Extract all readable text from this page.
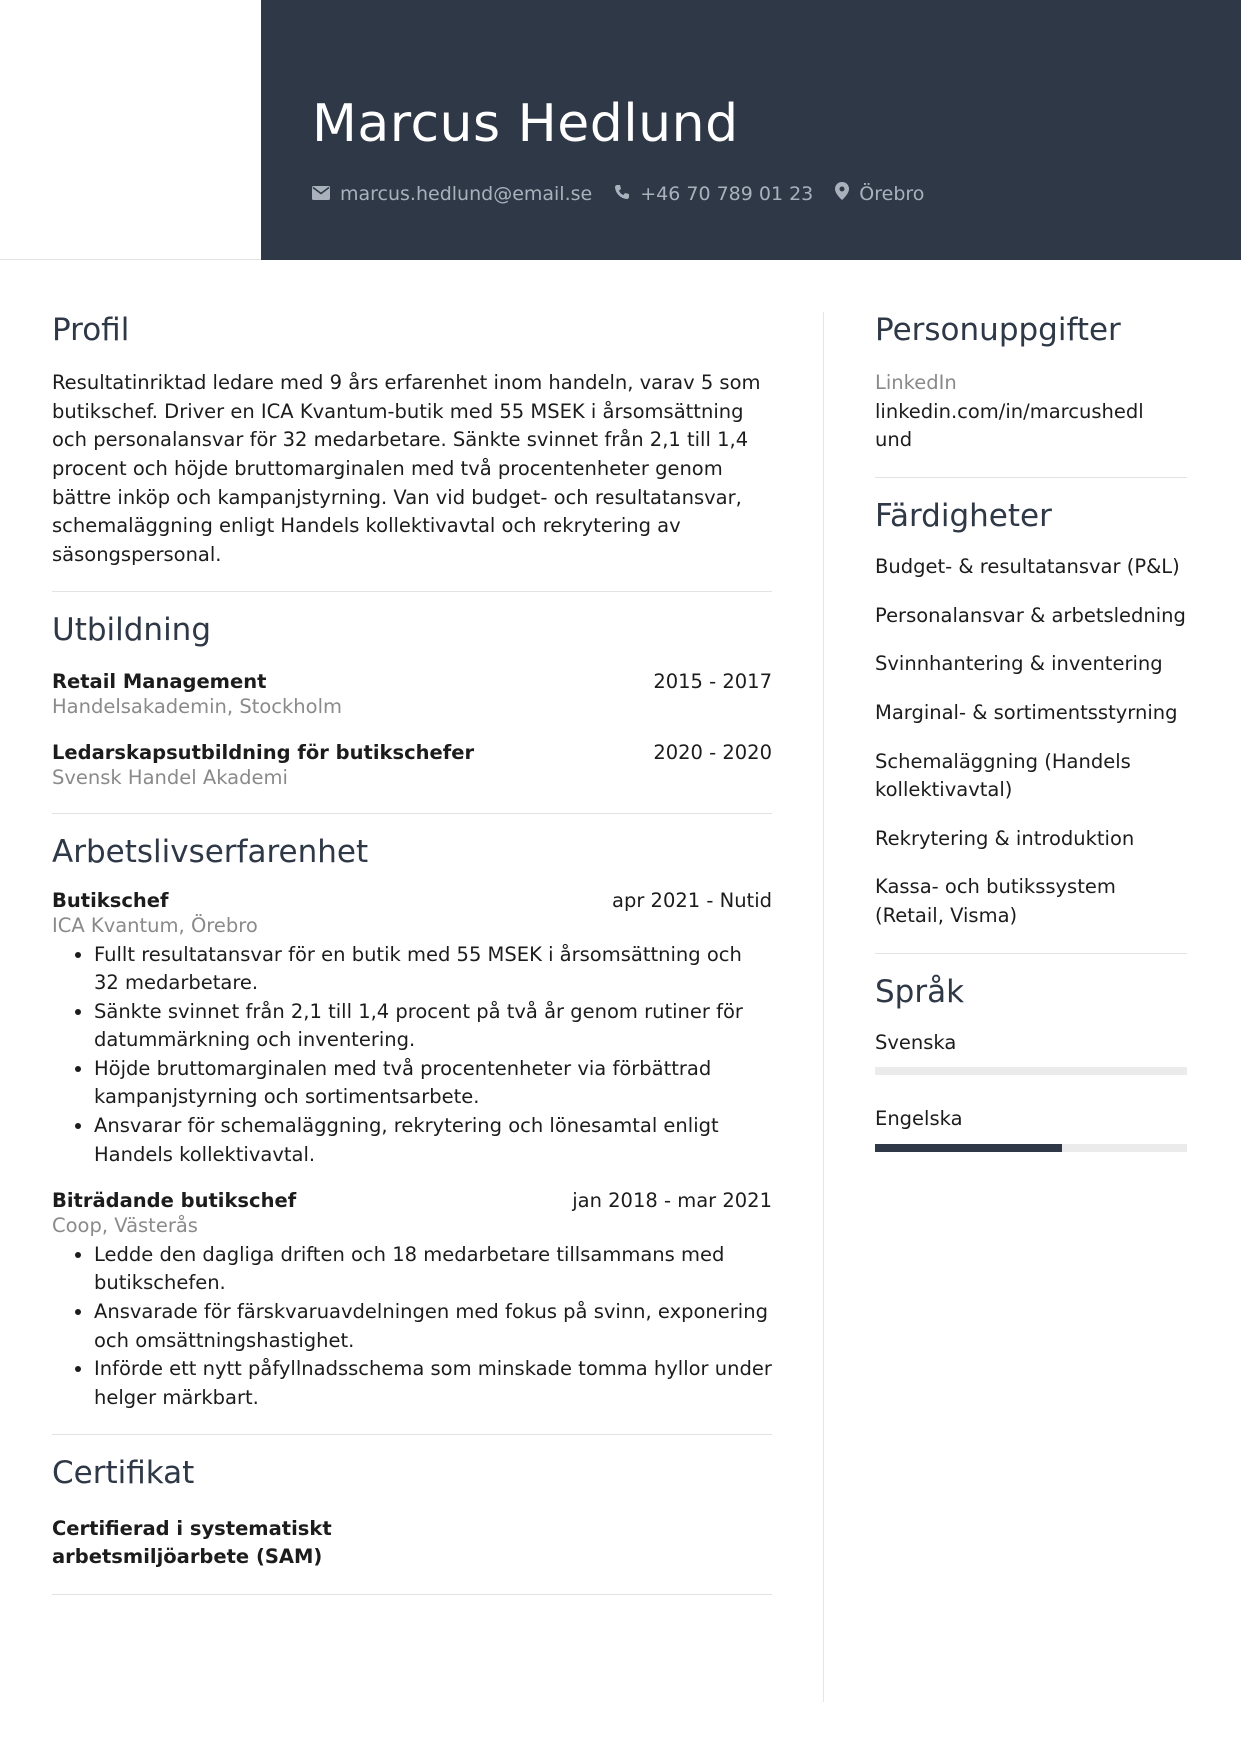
Marcus Hedlund
marcus.hedlund@email.se	+46 70 789 01 23 Örebro
Profil
Resultatinriktad ledare med 9 års erfarenhet inom handeln, varav 5 som butikschef. Driver en ICA Kvantum-butik med 55 MSEK i årsomsättning och personalansvar för 32 medarbetare. Sänkte svinnet från 2,1 till 1,4 procent och höjde bruttomarginalen med två procentenheter genom bättre inköp och kampanjstyrning. Van vid budget- och resultatansvar, schemaläggning enligt Handels kollektivavtal och rekrytering av säsongspersonal.
Utbildning
Retail Management	2015 - 2017
Handelsakademin, Stockholm
Ledarskapsutbildning för butikschefer	2020 - 2020
Svensk Handel Akademi
Arbetslivserfarenhet
Butikschef	apr 2021 - Nutid
ICA Kvantum, Örebro
• Fullt resultatansvar för en butik med 55 MSEK i årsomsättning och 32 medarbetare.
• Sänkte svinnet från 2,1 till 1,4 procent på två år genom rutiner för datummärkning och inventering.
• Höjde bruttomarginalen med två procentenheter via förbättrad kampanjstyrning och sortimentsarbete.
• Ansvarar för schemaläggning, rekrytering och lönesamtal enligt Handels kollektivavtal.
Biträdande butikschef	jan 2018 - mar 2021
Coop, Västerås
• Ledde den dagliga driften och 18 medarbetare tillsammans med butikschefen.
• Ansvarade för färskvaruavdelningen med fokus på svinn, exponering och omsättningshastighet.
• Införde ett nytt påfyllnadsschema som minskade tomma hyllor under helger märkbart.
Certifikat
Certifierad i systematiskt arbetsmiljöarbete (SAM)
Personuppgifter
LinkedIn
linkedin.com/in/marcushedlund
Färdigheter
Budget- & resultatansvar (P&L)
Personalansvar & arbetsledning
Svinnhantering & inventering
Marginal- & sortimentsstyrning
Schemaläggning (Handels kollektivavtal)
Rekrytering & introduktion
Kassa- och butikssystem (Retail, Visma)
Språk
Svenska
Engelska
